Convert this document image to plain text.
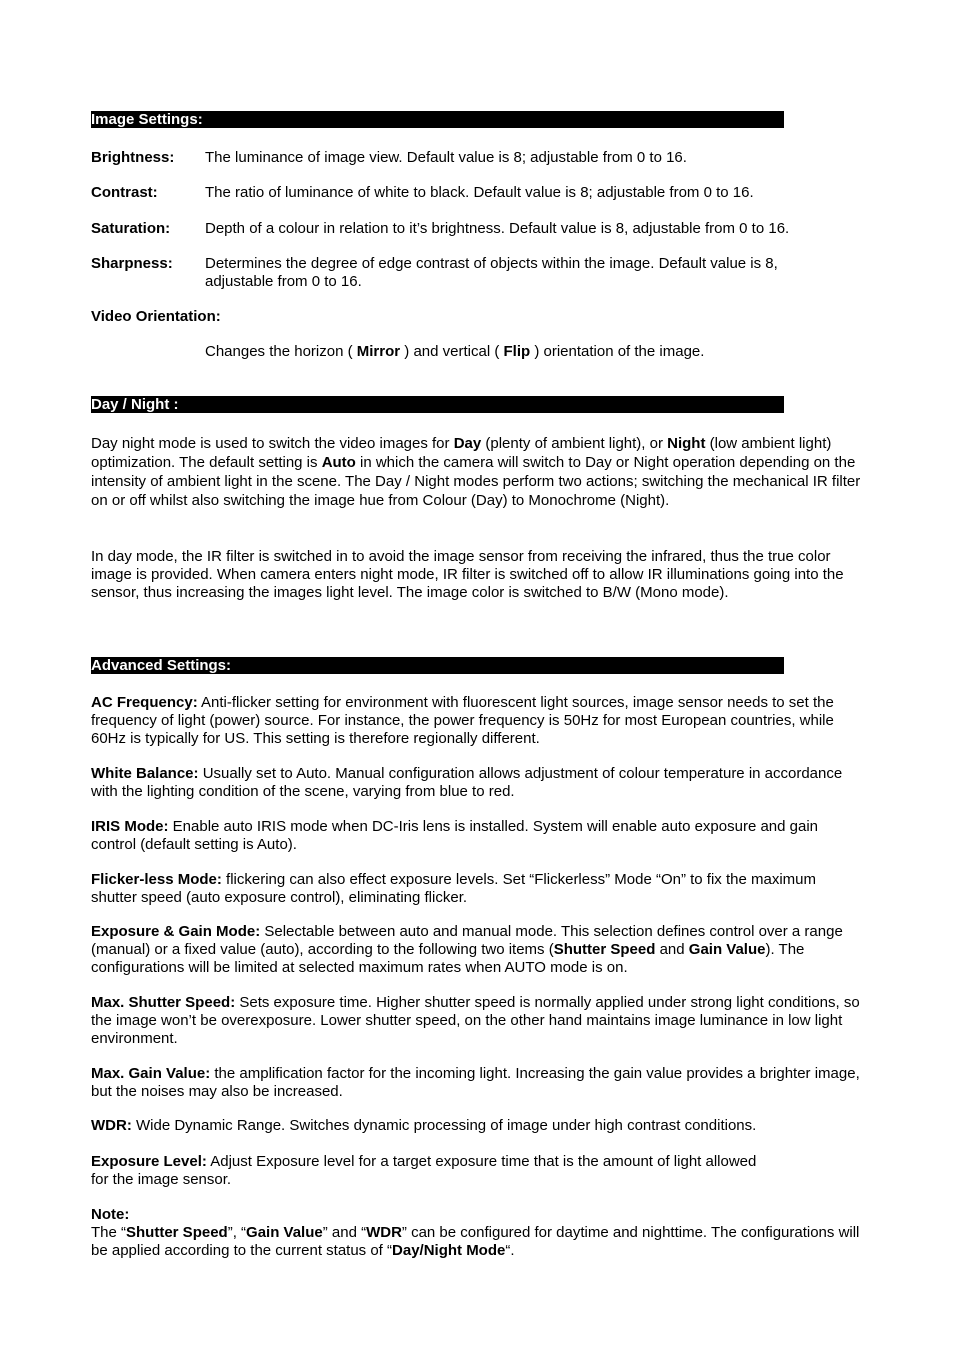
Image Settings:
Brightness: The luminance of image view. Default value is 8; adjustable from 0 to 16.
Contrast:	The ratio of luminance of white to black. Default value is 8; adjustable from 0 to 16.
Saturation: Depth of a colour in relation to it’s brightness. Default value is 8, adjustable from 0 to 16.
Sharpness: Determines the degree of edge contrast of objects within the image. Default value is 8,
adjustable from 0 to 16.
Video Orientation:
Changes the horizon ( Mirror ) and vertical ( Flip ) orientation of the image.
Day / Night :
Day night mode is used to switch the video images for Day (plenty of ambient light), or Night (low ambient light) optimization. The default setting is Auto in which the camera will switch to Day or Night operation depending on the intensity of ambient light in the scene. The Day / Night modes perform two actions; switching the mechanical IR filter on or off whilst also switching the image hue from Colour (Day) to Monochrome (Night).
In day mode, the IR filter is switched in to avoid the image sensor from receiving the infrared, thus the true color image is provided. When camera enters night mode, IR filter is switched off to allow IR illuminations going into the sensor, thus increasing the images light level. The image color is switched to B/W (Mono mode).
Advanced Settings:
AC Frequency: Anti-flicker setting for environment with fluorescent light sources, image sensor needs to set the frequency of light (power) source. For instance, the power frequency is 50Hz for most European countries, while 60Hz is typically for US. This setting is therefore regionally different.
White Balance: Usually set to Auto. Manual configuration allows adjustment of colour temperature in accordance with the lighting condition of the scene, varying from blue to red.
IRIS Mode: Enable auto IRIS mode when DC-Iris lens is installed. System will enable auto exposure and gain control (default setting is Auto).
Flicker-less Mode: flickering can also effect exposure levels. Set “Flickerless” Mode “On” to fix the maximum shutter speed (auto exposure control), eliminating flicker.
Exposure & Gain Mode: Selectable between auto and manual mode. This selection defines control over a range (manual) or a fixed value (auto), according to the following two items (Shutter Speed and Gain Value). The configurations will be limited at selected maximum rates when AUTO mode is on.
Max. Shutter Speed: Sets exposure time. Higher shutter speed is normally applied under strong light conditions, so the image won’t be overexposure. Lower shutter speed, on the other hand maintains image luminance in low light environment.
Max. Gain Value: the amplification factor for the incoming light. Increasing the gain value provides a brighter image, but the noises may also be increased.
WDR: Wide Dynamic Range. Switches dynamic processing of image under high contrast conditions.
Exposure Level: Adjust Exposure level for a target exposure time that is the amount of light allowed
for the image sensor.
Note:
The “Shutter Speed”, “Gain Value” and “WDR” can be configured for daytime and nighttime. The configurations will be applied according to the current status of “Day/Night Mode“.
